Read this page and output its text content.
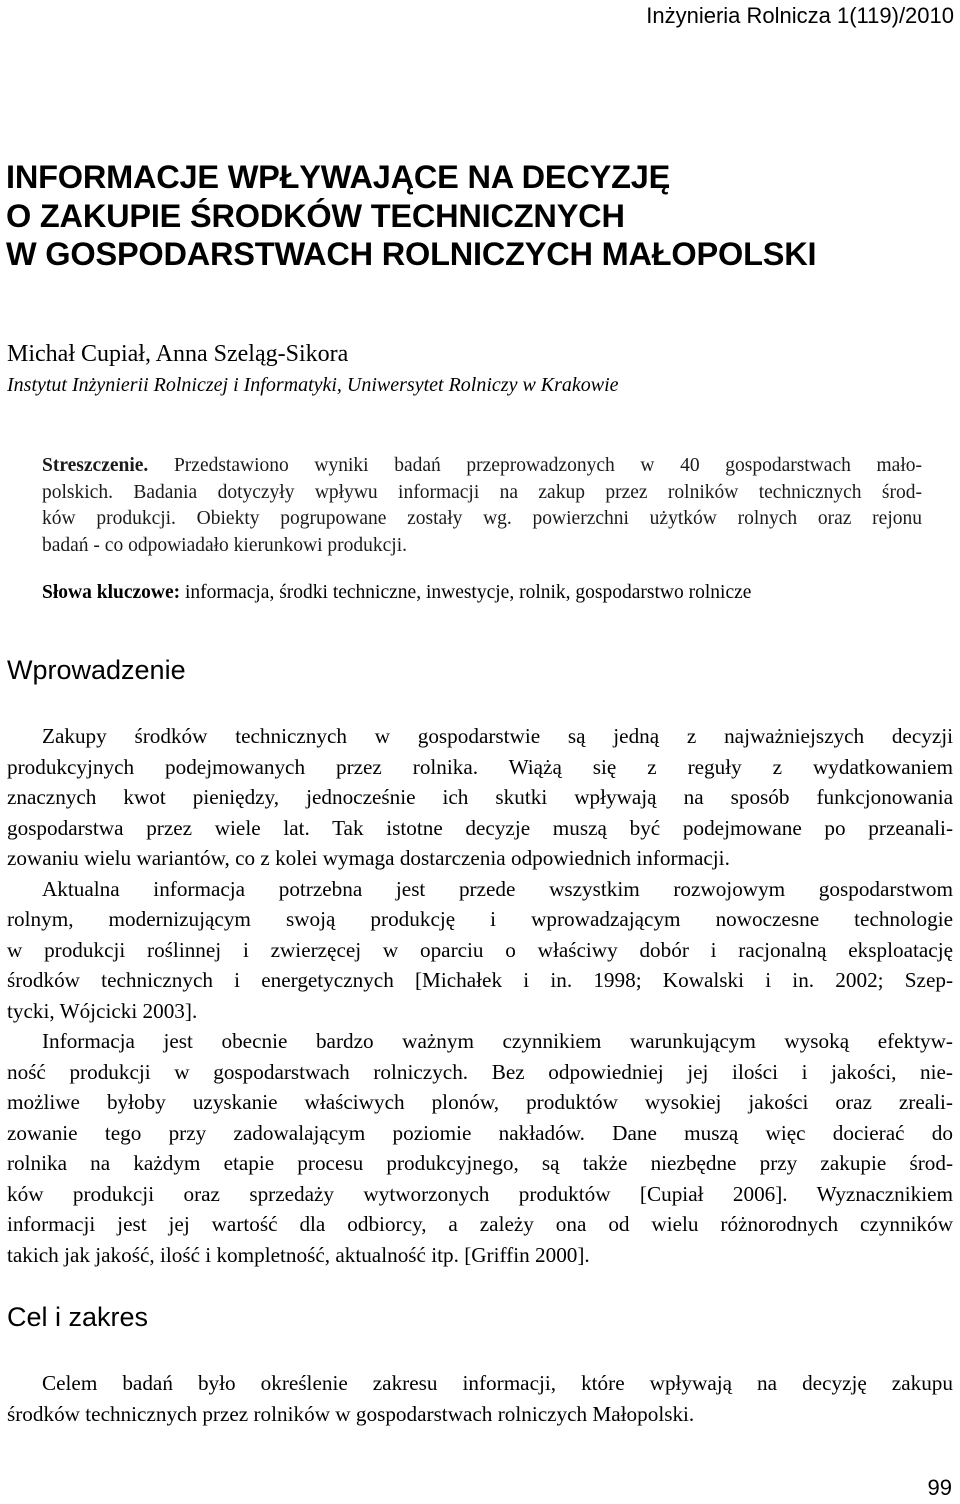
Inżynieria Rolnicza 1(119)/2010
INFORMACJE WPŁYWAJĄCE NA DECYZJĘ
O ZAKUPIE ŚRODKÓW TECHNICZNYCH
W GOSPODARSTWACH ROLNICZYCH MAŁOPOLSKI
Michał Cupiał, Anna Szeląg-Sikora
Instytut Inżynierii Rolniczej i Informatyki, Uniwersytet Rolniczy w Krakowie
Streszczenie. Przedstawiono wyniki badań przeprowadzonych w 40 gospodarstwach mało-
polskich. Badania dotyczyły wpływu informacji na zakup przez rolników technicznych środ-
ków produkcji. Obiekty pogrupowane zostały wg. powierzchni użytków rolnych oraz rejonu
badań - co odpowiadało kierunkowi produkcji.
Słowa kluczowe: informacja, środki techniczne, inwestycje, rolnik, gospodarstwo rolnicze
Wprowadzenie
Zakupy środków technicznych w gospodarstwie są jedną z najważniejszych decyzji
produkcyjnych podejmowanych przez rolnika. Wiążą się z reguły z wydatkowaniem
znacznych kwot pieniędzy, jednocześnie ich skutki wpływają na sposób funkcjonowania
gospodarstwa przez wiele lat. Tak istotne decyzje muszą być podejmowane po przeanali-
zowaniu wielu wariantów, co z kolei wymaga dostarczenia odpowiednich informacji.
Aktualna informacja potrzebna jest przede wszystkim rozwojowym gospodarstwom
rolnym, modernizującym swoją produkcję i wprowadzającym nowoczesne technologie
w produkcji roślinnej i zwierzęcej w oparciu o właściwy dobór i racjonalną eksploatację
środków technicznych i energetycznych [Michałek i in. 1998; Kowalski i in. 2002; Szep-
tycki, Wójcicki 2003].
Informacja jest obecnie bardzo ważnym czynnikiem warunkującym wysoką efektyw-
ność produkcji w gospodarstwach rolniczych. Bez odpowiedniej jej ilości i jakości, nie-
możliwe byłoby uzyskanie właściwych plonów, produktów wysokiej jakości oraz zreali-
zowanie tego przy zadowalającym poziomie nakładów. Dane muszą więc docierać do
rolnika na każdym etapie procesu produkcyjnego, są także niezbędne przy zakupie środ-
ków produkcji oraz sprzedaży wytworzonych produktów [Cupiał 2006]. Wyznacznikiem
informacji jest jej wartość dla odbiorcy, a zależy ona od wielu różnorodnych czynników
takich jak jakość, ilość i kompletność, aktualność itp. [Griffin 2000].
Cel i zakres
Celem badań było określenie zakresu informacji, które wpływają na decyzję zakupu
środków technicznych przez rolników w gospodarstwach rolniczych Małopolski.
99
